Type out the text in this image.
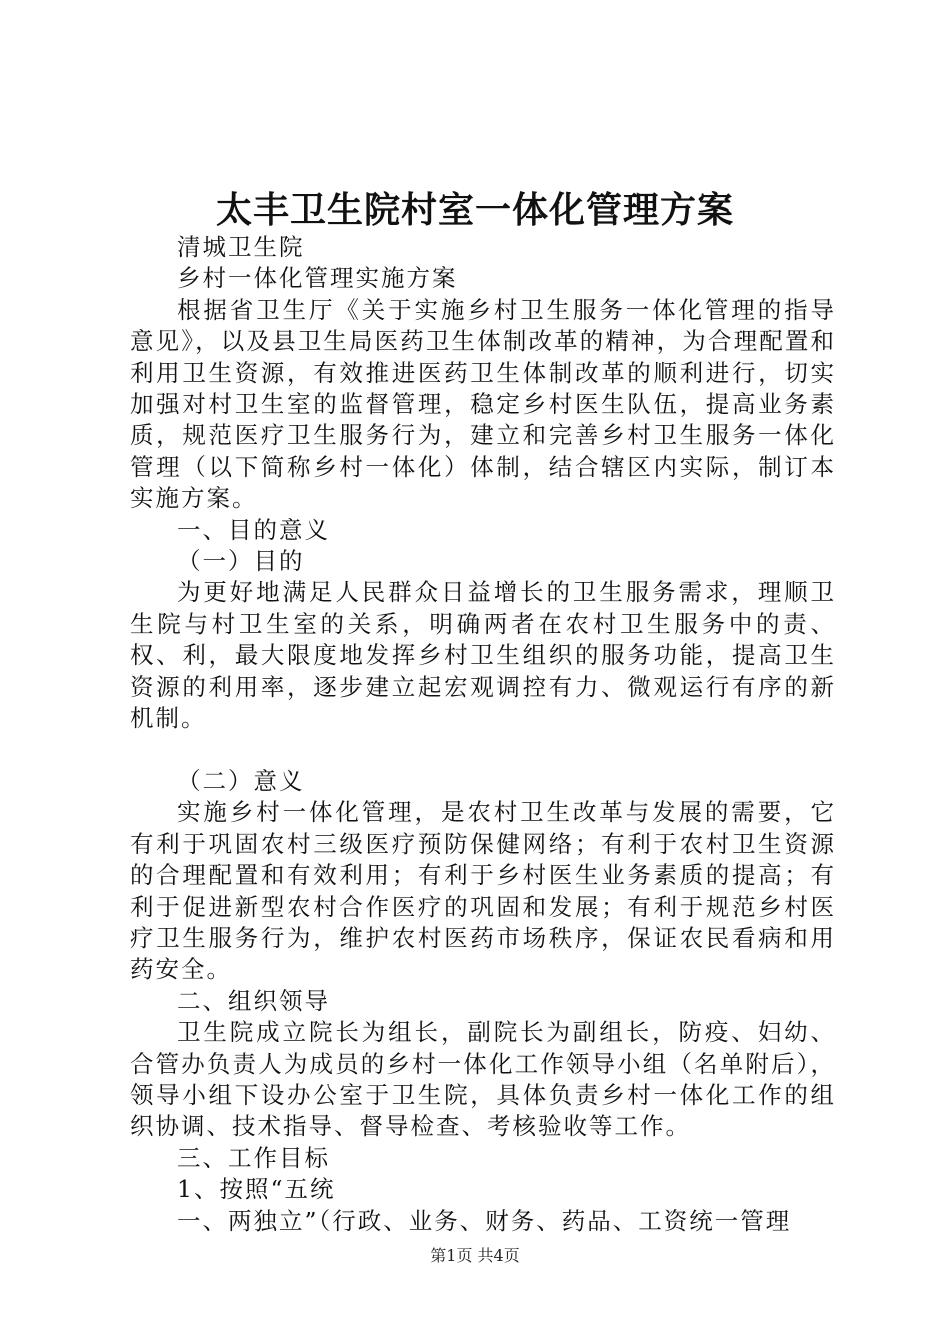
太丰卫生院村室一体化管理方案

清城卫生院

乡村一体化管理实施方案

根据省卫生厅《关于实施乡村卫生服务一体化管理的指导意见》，以及县卫生局医药卫生体制改革的精神，为合理配置和利用卫生资源，有效推进医药卫生体制改革的顺利进行，切实加强对村卫生室的监督管理，稳定乡村医生队伍，提高业务素质，规范医疗卫生服务行为，建立和完善乡村卫生服务一体化管理（以下简称乡村一体化）体制，结合辖区内实际，制订本实施方案。

一、目的意义

（一）目的

为更好地满足人民群众日益增长的卫生服务需求，理顺卫生院与村卫生室的关系，明确两者在农村卫生服务中的责、权、利，最大限度地发挥乡村卫生组织的服务功能，提高卫生资源的利用率，逐步建立起宏观调控有力、微观运行有序的新机制。

（二）意义

实施乡村一体化管理，是农村卫生改革与发展的需要，它有利于巩固农村三级医疗预防保健网络；有利于农村卫生资源的合理配置和有效利用；有利于乡村医生业务素质的提高；有利于促进新型农村合作医疗的巩固和发展；有利于规范乡村医疗卫生服务行为，维护农村医药市场秩序，保证农民看病和用药安全。

二、组织领导

卫生院成立院长为组长，副院长为副组长，防疫、妇幼、合管办负责人为成员的乡村一体化工作领导小组（名单附后），领导小组下设办公室于卫生院，具体负责乡村一体化工作的组织协调、技术指导、督导检查、考核验收等工作。

三、工作目标

1、按照“五统

一、两独立”（行政、业务、财务、药品、工资统一管理

第1页 共4页
